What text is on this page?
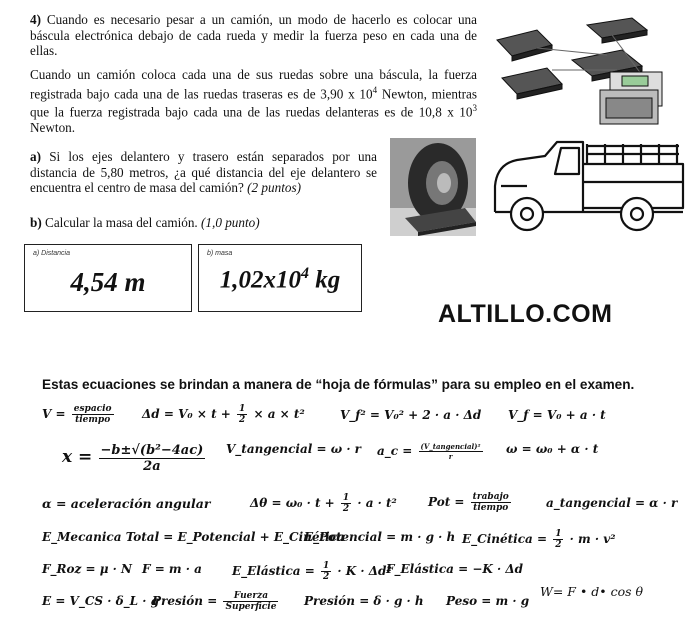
4) Cuando es necesario pesar a un camión, un modo de hacerlo es colocar una báscula electrónica debajo de cada rueda y medir la fuerza peso en cada una de ellas.
Cuando un camión coloca cada una de sus ruedas sobre una báscula, la fuerza registrada bajo cada una de las ruedas traseras es de 3,90 x $10^4$ Newton, mientras que la fuerza registrada bajo cada una de las ruedas delanteras es de 10,8 x $10^3$ Newton.
a) Si los ejes delantero y trasero están separados por una distancia de 5,80 metros, ¿a qué distancia del eje delantero se encuentra el centro de masa del camión? (2 puntos)
b) Calcular la masa del camión. (1,0 punto)
a) Distancia
4,54 m
b) masa
$1,02x10^4$ kg
ALTILLO.COM
Estas ecuaciones se brindan a manera de “hoja de fórmulas” para su empleo en el examen.
$V = \frac{\text{espacio}}{\text{tiempo}}$ $\Delta d = V_0 \times t + \frac{1}{2} \times a \times t^2$	V_f² = V₀² + 2 · a · Δd V_f = V₀ + a · t
$x = \frac{\text{−b±√(b²−4ac)}}{2a}$ V_tangencial = ω · r a_c = $\frac{\text{(V\_tangencial)²}}{r}$ ω = ω₀ + α · t
α = aceleración angular	$\Delta\theta = \omega_0 \cdot t + \frac{1}{2} \cdot a \cdot t^2$	Pot = $\frac{\text{trabajo}}{\text{tiempo}}$	a_tangencial = α · r
E_Mecanica Total = E_Potencial + E_Cinética
E_Potencial = m · g · h E_Cinética = $\frac{1}{2} \cdot m \cdot v^2$
F_Roz = μ · N F = m · a	E_Elástica = $\frac{1}{2} \cdot K \cdot \Delta d^2$
F_Elástica = −K · Δd
E = V_CS · δ_L · g
Presión = $\frac{\text{Fuerza}}{\text{Superficie}}$ Presión = δ · g · h Peso = m · g
W= F • d• cos θ
